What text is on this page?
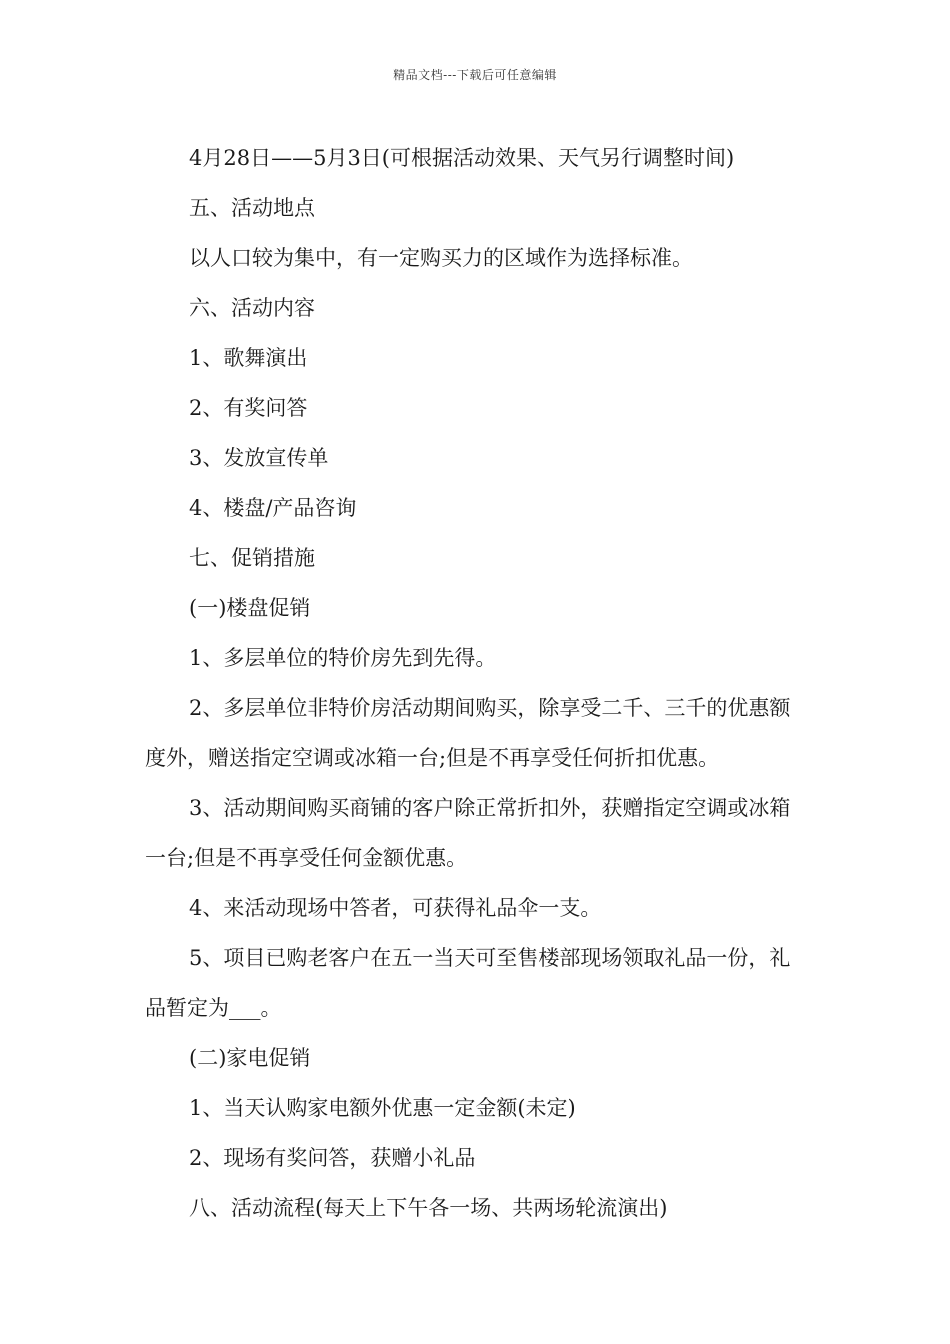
精品文档---下载后可任意编辑

4月28日——5月3日(可根据活动效果、天气另行调整时间)

五、活动地点

以人口较为集中，有一定购买力的区域作为选择标准。

六、活动内容

1、歌舞演出

2、有奖问答

3、发放宣传单

4、楼盘/产品咨询

七、促销措施

(一)楼盘促销

1、多层单位的特价房先到先得。

2、多层单位非特价房活动期间购买，除享受二千、三千的优惠额度外，赠送指定空调或冰箱一台;但是不再享受任何折扣优惠。

3、活动期间购买商铺的客户除正常折扣外，获赠指定空调或冰箱一台;但是不再享受任何金额优惠。

4、来活动现场中答者，可获得礼品伞一支。

5、项目已购老客户在五一当天可至售楼部现场领取礼品一份，礼品暂定为___。

(二)家电促销

1、当天认购家电额外优惠一定金额(未定)

2、现场有奖问答，获赠小礼品

八、活动流程(每天上下午各一场、共两场轮流演出)
